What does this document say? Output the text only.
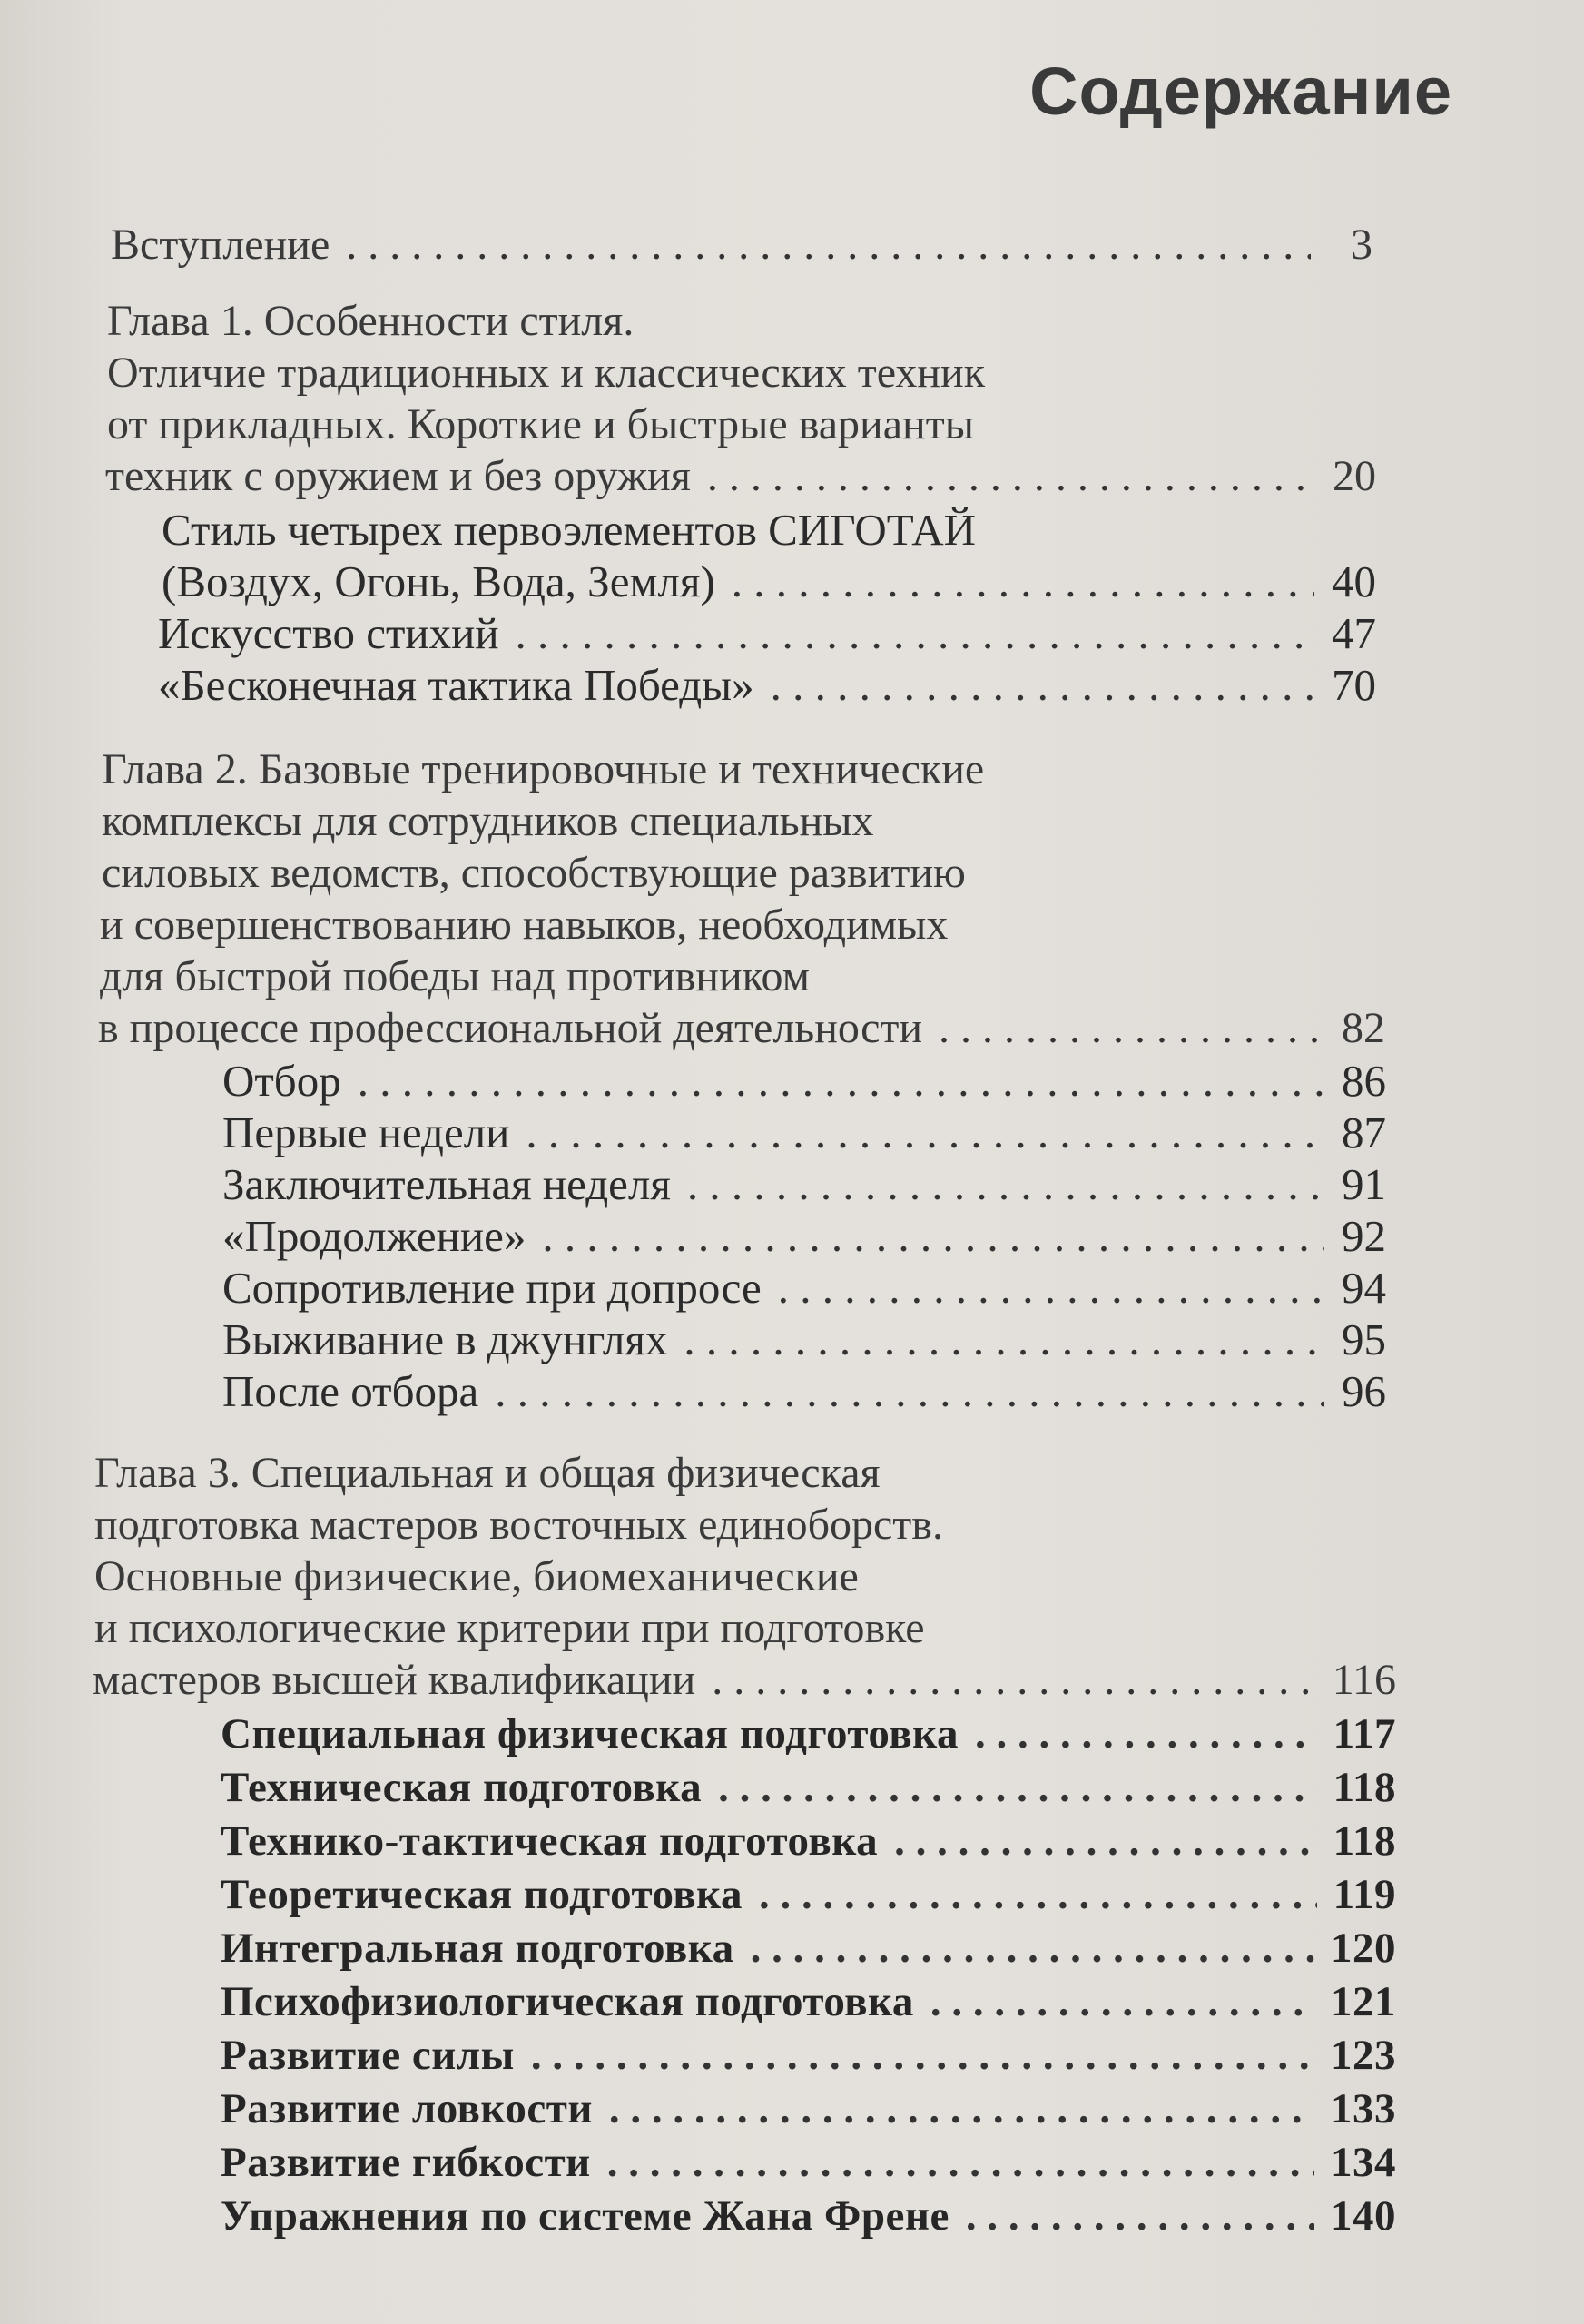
Содержание
Вступление . . .	3
Глава 1. Особенности стиля.
Отличие традиционных и классических техник
от прикладных. Короткие и быстрые варианты
техник с оружием и без оружия . . .	20
Стиль четырех первоэлементов СИГОТАЙ
(Воздух, Огонь, Вода, Земля) . . .	40
Искусство стихий . . .	47
«Бесконечная тактика Победы» . . .	70
Глава 2. Базовые тренировочные и технические
комплексы для сотрудников специальных
силовых ведомств, способствующие развитию
и совершенствованию навыков, необходимых
для быстрой победы над противником
в процессе профессиональной деятельности . . .	82
Отбор . . .	86
Первые недели . . .	87
Заключительная неделя . . .	91
«Продолжение» . . .	92
Сопротивление при допросе . . .	94
Выживание в джунглях . . .	95
После отбора . . .	96
Глава 3. Специальная и общая физическая
подготовка мастеров восточных единоборств.
Основные физические, биомеханические
и психологические критерии при подготовке
мастеров высшей квалификации . . .	116
Специальная физическая подготовка . . .	117
Техническая подготовка . . .	118
Технико-тактическая подготовка . . .	118
Теоретическая подготовка . . .	119
Интегральная подготовка . . .	120
Психофизиологическая подготовка . . .	121
Развитие силы . . .	123
Развитие ловкости . . .	133
Развитие гибкости . . .	134
Упражнения по системе Жана Френе . . .	140
